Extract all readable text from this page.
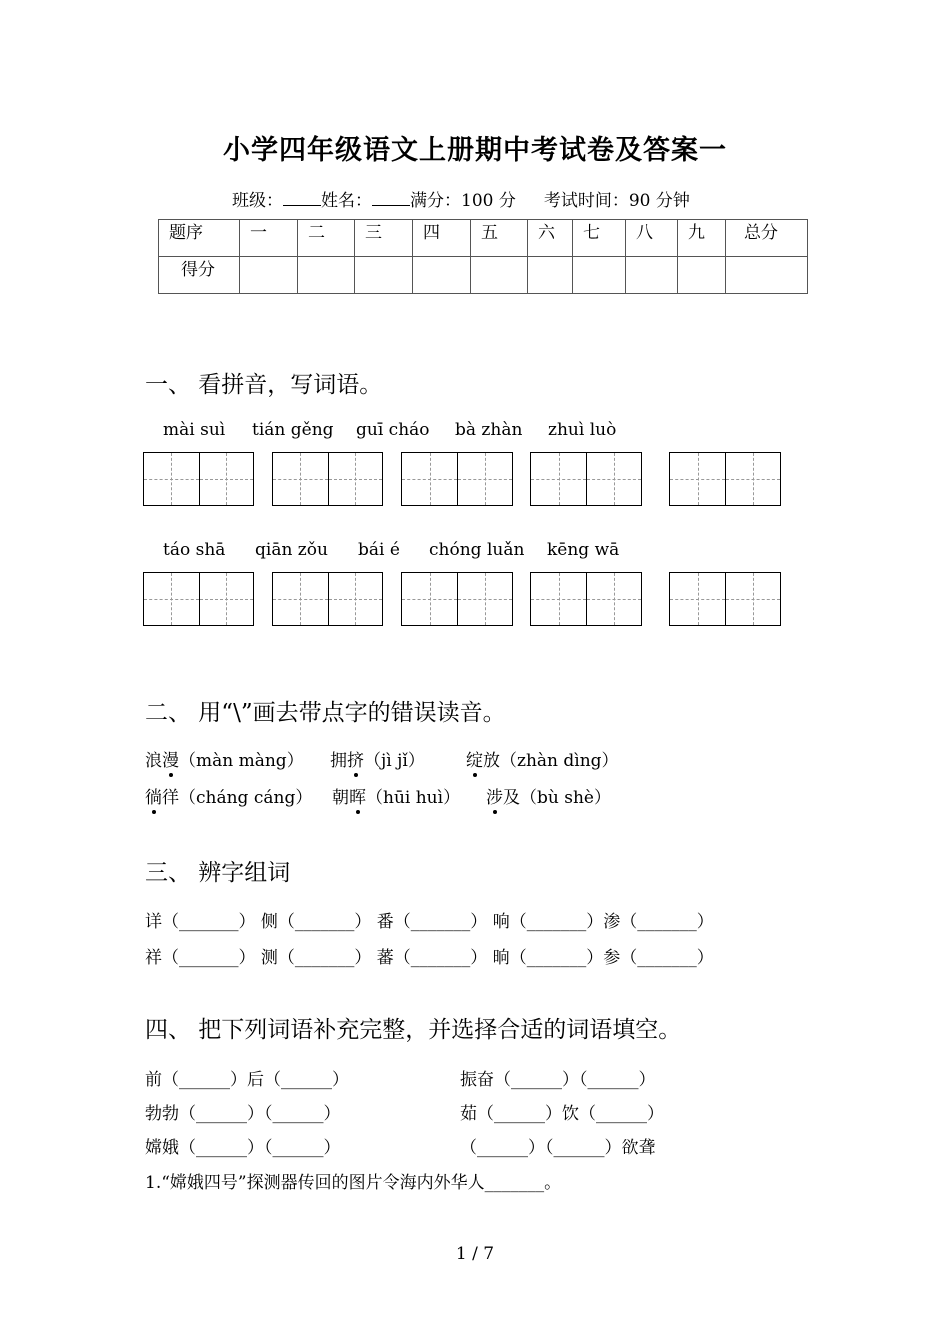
小学四年级语文上册期中考试卷及答案一
班级： 姓名： 满分：100 分 考试时间：90 分钟
题序	一	二	三	四	五	六	七	八	九	总分
得分										
一、 看拼音，写词语。
mài suì tián gěng guī cháo bà zhàn zhuì luò
táo shā qiān zǒu bái é chóng luǎn kēng wā
二、 用“\”画去带点字的错误读音。
浪漫（màn màng） 拥挤（jì jǐ） 绽放（zhàn dìng）
徜徉（cháng cáng） 朝晖（hūi huì） 涉及（bù shè）
三、 辨字组词
详（_______） 侧（_______） 番（_______） 响（_______）渗（_______）
祥（_______） 测（_______） 蕃（_______） 晌（_______）参（_______）
四、 把下列词语补充完整，并选择合适的词语填空。
前（______）后（______）	振奋（______）（______）
勃勃（______）（______）	茹（______）饮（______）
嫦娥（______）（______）	（______）（______）欲聋
1.“嫦娥四号”探测器传回的图片令海内外华人_______。
1 / 7
